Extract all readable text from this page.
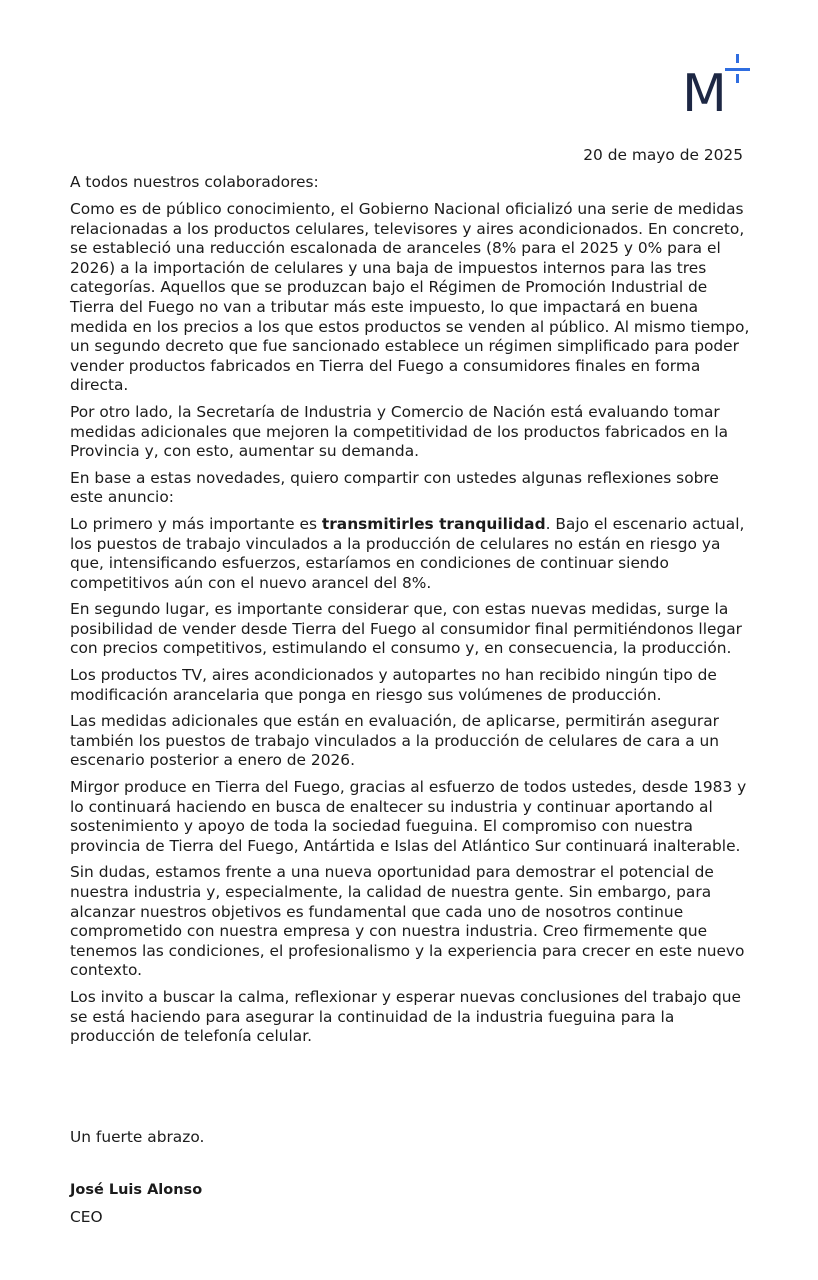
M
20 de mayo de 2025
A todos nuestros colaboradores:

Como es de público conocimiento, el Gobierno Nacional oficializó una serie de medidas relacionadas a los productos celulares, televisores y aires acondicionados. En concreto, se estableció una reducción escalonada de aranceles (8% para el 2025 y 0% para el 2026) a la importación de celulares y una baja de impuestos internos para las tres categorías. Aquellos que se produzcan bajo el Régimen de Promoción Industrial de Tierra del Fuego no van a tributar más este impuesto, lo que impactará en buena medida en los precios a los que estos productos se venden al público. Al mismo tiempo, un segundo decreto que fue sancionado establece un régimen simplificado para poder vender productos fabricados en Tierra del Fuego a consumidores finales en forma directa.

Por otro lado, la Secretaría de Industria y Comercio de Nación está evaluando tomar medidas adicionales que mejoren la competitividad de los productos fabricados en la Provincia y, con esto, aumentar su demanda.

En base a estas novedades, quiero compartir con ustedes algunas reflexiones sobre este anuncio:

Lo primero y más importante es transmitirles tranquilidad. Bajo el escenario actual, los puestos de trabajo vinculados a la producción de celulares no están en riesgo ya que, intensificando esfuerzos, estaríamos en condiciones de continuar siendo competitivos aún con el nuevo arancel del 8%.

En segundo lugar, es importante considerar que, con estas nuevas medidas, surge la posibilidad de vender desde Tierra del Fuego al consumidor final permitiéndonos llegar con precios competitivos, estimulando el consumo y, en consecuencia, la producción.

Los productos TV, aires acondicionados y autopartes no han recibido ningún tipo de modificación arancelaria que ponga en riesgo sus volúmenes de producción.

Las medidas adicionales que están en evaluación, de aplicarse, permitirán asegurar también los puestos de trabajo vinculados a la producción de celulares de cara a un escenario posterior a enero de 2026.

Mirgor produce en Tierra del Fuego, gracias al esfuerzo de todos ustedes, desde 1983 y lo continuará haciendo en busca de enaltecer su industria y continuar aportando al sostenimiento y apoyo de toda la sociedad fueguina. El compromiso con nuestra provincia de Tierra del Fuego, Antártida e Islas del Atlántico Sur continuará inalterable.

Sin dudas, estamos frente a una nueva oportunidad para demostrar el potencial de nuestra industria y, especialmente, la calidad de nuestra gente. Sin embargo, para alcanzar nuestros objetivos es fundamental que cada uno de nosotros continue comprometido con nuestra empresa y con nuestra industria. Creo firmemente que tenemos las condiciones, el profesionalismo y la experiencia para crecer en este nuevo contexto.

Los invito a buscar la calma, reflexionar y esperar nuevas conclusiones del trabajo que se está haciendo para asegurar la continuidad de la industria fueguina para la producción de telefonía celular.

Un fuerte abrazo.
José Luis Alonso
CEO
